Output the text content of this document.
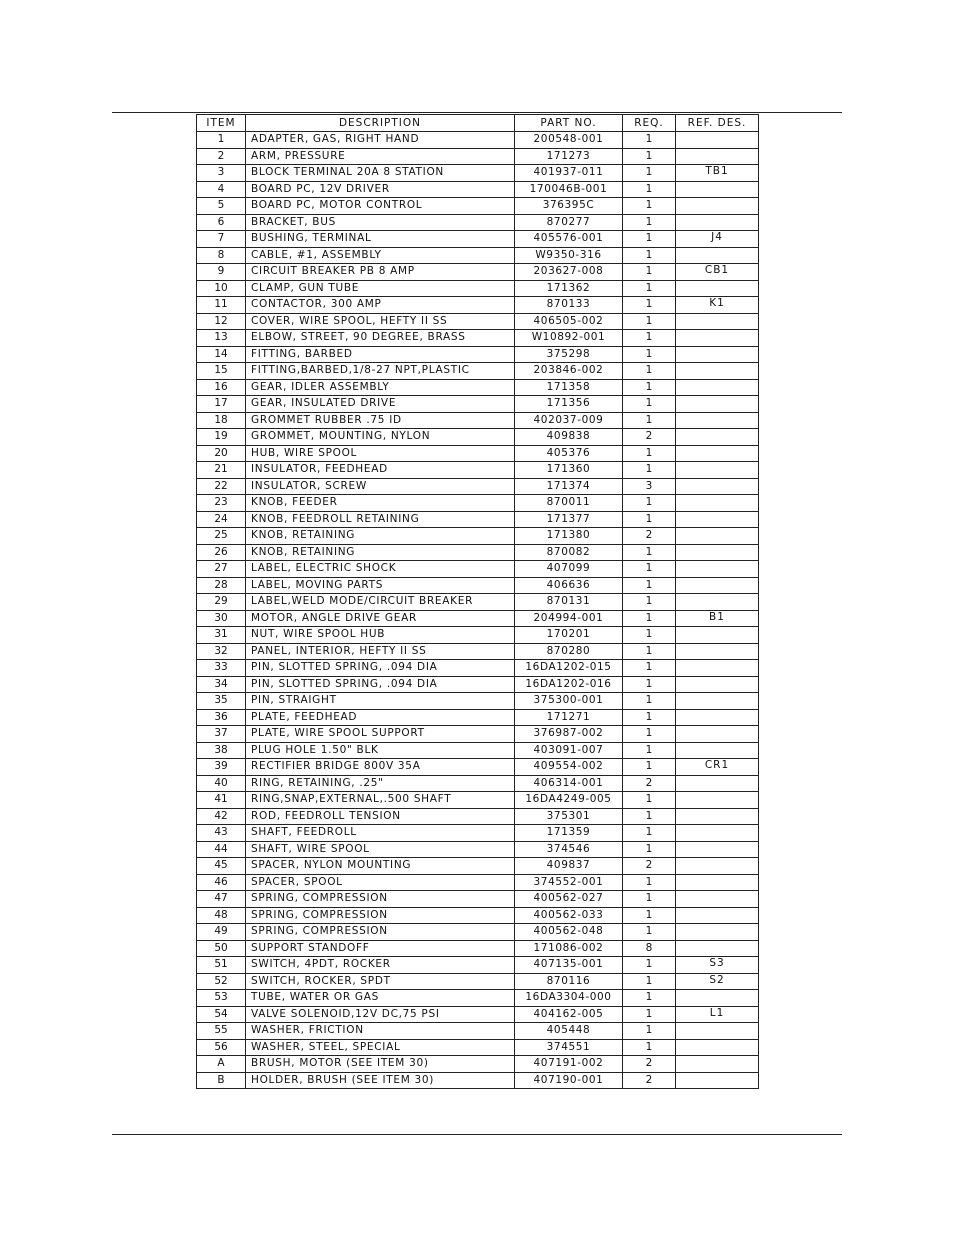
ITEM	DESCRIPTION	PART NO.	REQ.	REF. DES.
1	ADAPTER, GAS, RIGHT HAND	200548-001	1	
2	ARM, PRESSURE	171273	1	
3	BLOCK TERMINAL 20A 8 STATION	401937-011	1	TB1
4	BOARD PC, 12V DRIVER	170046B-001	1	
5	BOARD PC, MOTOR CONTROL	376395C	1	
6	BRACKET, BUS	870277	1	
7	BUSHING, TERMINAL	405576-001	1	J4
8	CABLE, #1, ASSEMBLY	W9350-316	1	
9	CIRCUIT BREAKER PB 8 AMP	203627-008	1	CB1
10	CLAMP, GUN TUBE	171362	1	
11	CONTACTOR, 300 AMP	870133	1	K1
12	COVER, WIRE SPOOL, HEFTY II SS	406505-002	1	
13	ELBOW, STREET, 90 DEGREE, BRASS	W10892-001	1	
14	FITTING, BARBED	375298	1	
15	FITTING,BARBED,1/8-27 NPT,PLASTIC	203846-002	1	
16	GEAR, IDLER ASSEMBLY	171358	1	
17	GEAR, INSULATED DRIVE	171356	1	
18	GROMMET RUBBER .75 ID	402037-009	1	
19	GROMMET, MOUNTING, NYLON	409838	2	
20	HUB, WIRE SPOOL	405376	1	
21	INSULATOR, FEEDHEAD	171360	1	
22	INSULATOR, SCREW	171374	3	
23	KNOB, FEEDER	870011	1	
24	KNOB, FEEDROLL RETAINING	171377	1	
25	KNOB, RETAINING	171380	2	
26	KNOB, RETAINING	870082	1	
27	LABEL, ELECTRIC SHOCK	407099	1	
28	LABEL, MOVING PARTS	406636	1	
29	LABEL,WELD MODE/CIRCUIT BREAKER	870131	1	
30	MOTOR, ANGLE DRIVE GEAR	204994-001	1	B1
31	NUT, WIRE SPOOL HUB	170201	1	
32	PANEL, INTERIOR, HEFTY II SS	870280	1	
33	PIN, SLOTTED SPRING, .094 DIA	16DA1202-015	1	
34	PIN, SLOTTED SPRING, .094 DIA	16DA1202-016	1	
35	PIN, STRAIGHT	375300-001	1	
36	PLATE, FEEDHEAD	171271	1	
37	PLATE, WIRE SPOOL SUPPORT	376987-002	1	
38	PLUG HOLE 1.50" BLK	403091-007	1	
39	RECTIFIER BRIDGE 800V 35A	409554-002	1	CR1
40	RING, RETAINING, .25"	406314-001	2	
41	RING,SNAP,EXTERNAL,.500 SHAFT	16DA4249-005	1	
42	ROD, FEEDROLL TENSION	375301	1	
43	SHAFT, FEEDROLL	171359	1	
44	SHAFT, WIRE SPOOL	374546	1	
45	SPACER, NYLON MOUNTING	409837	2	
46	SPACER, SPOOL	374552-001	1	
47	SPRING, COMPRESSION	400562-027	1	
48	SPRING, COMPRESSION	400562-033	1	
49	SPRING, COMPRESSION	400562-048	1	
50	SUPPORT STANDOFF	171086-002	8	
51	SWITCH, 4PDT, ROCKER	407135-001	1	S3
52	SWITCH, ROCKER, SPDT	870116	1	S2
53	TUBE, WATER OR GAS	16DA3304-000	1	
54	VALVE SOLENOID,12V DC,75 PSI	404162-005	1	L1
55	WASHER, FRICTION	405448	1	
56	WASHER, STEEL, SPECIAL	374551	1	
A	BRUSH, MOTOR (SEE ITEM 30)	407191-002	2	
B	HOLDER, BRUSH (SEE ITEM 30)	407190-001	2	
